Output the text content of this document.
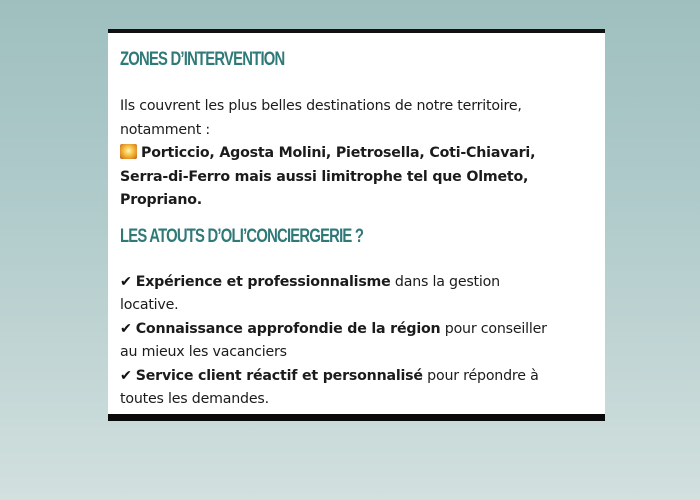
ZONES D’INTERVENTION
Ils couvrent les plus belles destinations de notre territoire,
notamment :
Porticcio, Agosta Molini, Pietrosella, Coti-Chiavari,
Serra-di-Ferro mais aussi limitrophe tel que Olmeto,
Propriano.
LES ATOUTS D’OLI’CONCIERGERIE ?
✔ Expérience et professionnalisme dans la gestion
locative.
✔ Connaissance approfondie de la région pour conseiller
au mieux les vacanciers
✔ Service client réactif et personnalisé pour répondre à
toutes les demandes.
